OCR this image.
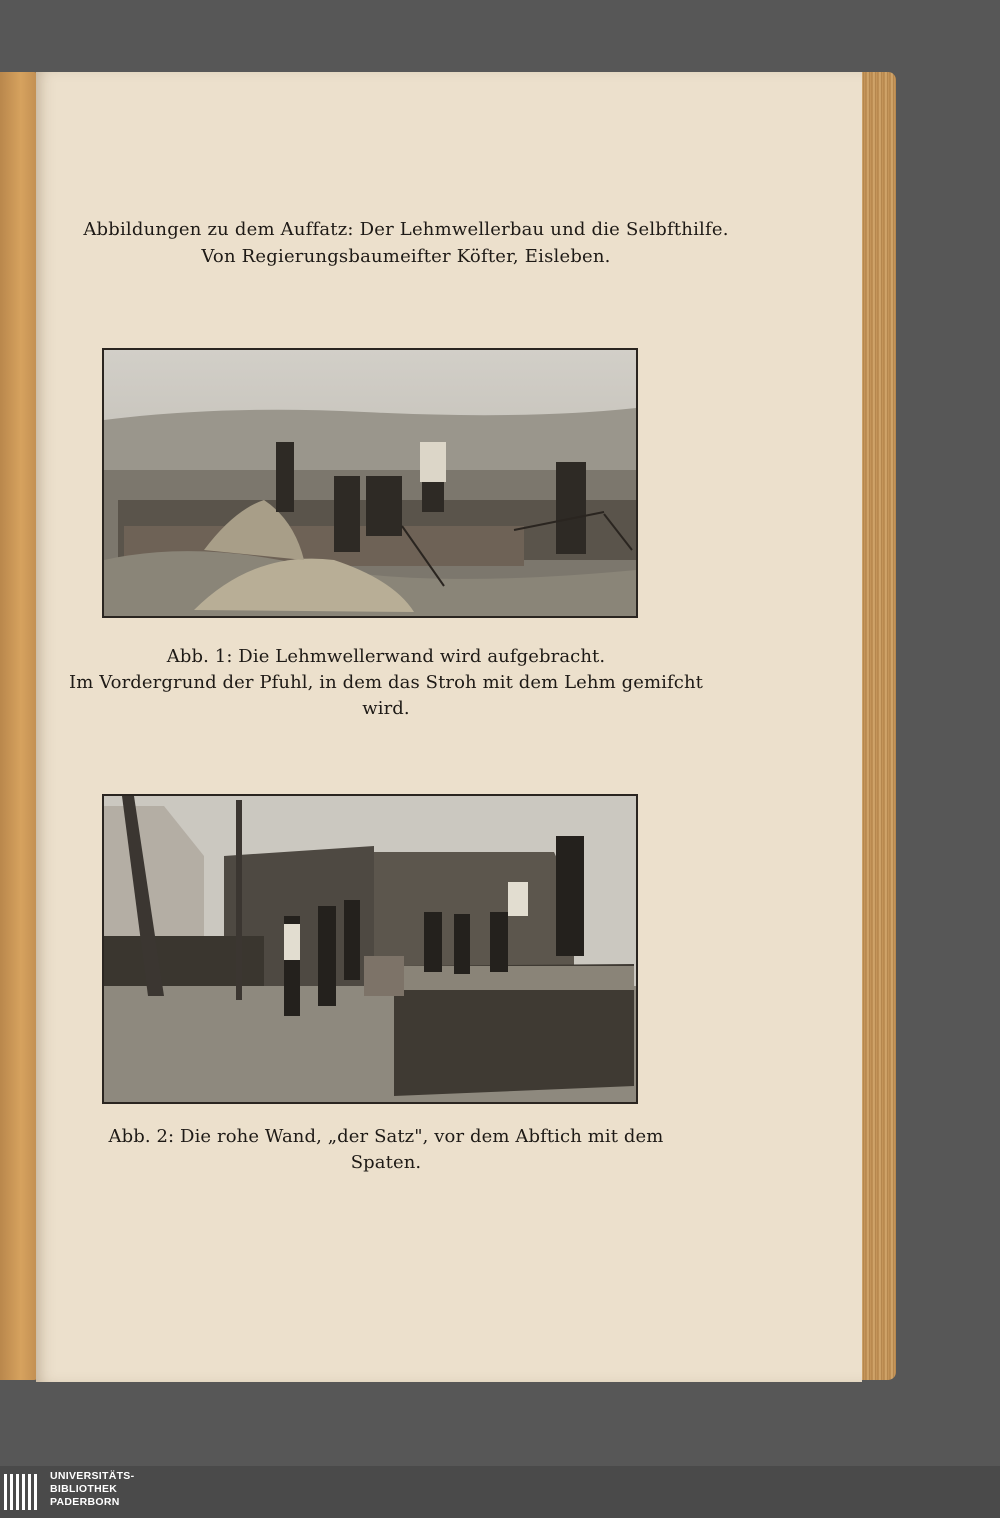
Abbildungen zu dem Auffatz: Der Lehmwellerbau und die Selbfthilfe.
Von Regierungsbaumeifter Köfter, Eisleben.
Abb. 1: Die Lehmwellerwand wird aufgebracht.
Im Vordergrund der Pfuhl, in dem das Stroh mit dem Lehm gemifcht wird.
Abb. 2: Die rohe Wand, „der Satz", vor dem Abftich mit dem Spaten.
UNIVERSITÄTS-
BIBLIOTHEK
PADERBORN
